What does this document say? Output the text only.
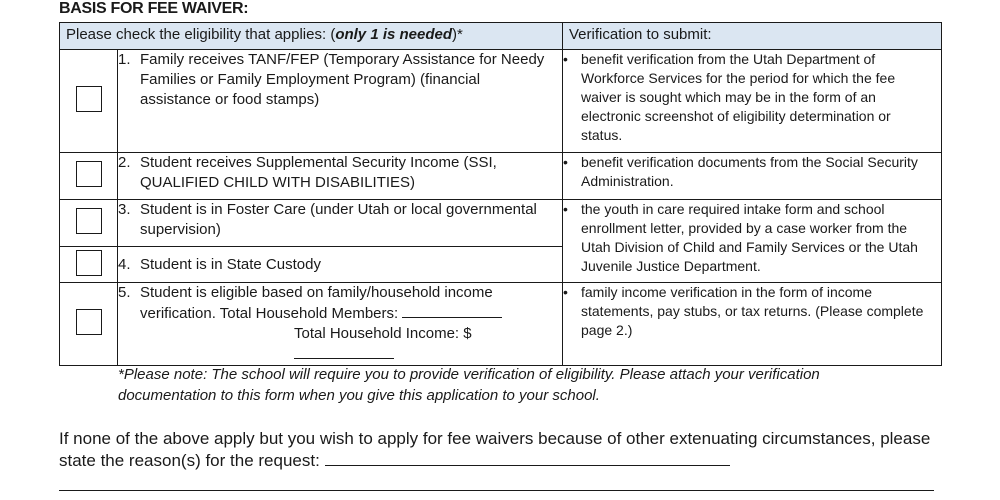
BASIS FOR FEE WAIVER:
Please check the eligibility that applies: (only 1 is needed)*		Verification to submit:
	1. Family receives TANF/FEP (Temporary Assistance for Needy Families or Family Employment Program) (financial assistance or food stamps)	• benefit verification from the Utah Department of Workforce Services for the period for which the fee waiver is sought which may be in the form of an electronic screenshot of eligibility determination or status.
	2. Student receives Supplemental Security Income (SSI, QUALIFIED CHILD WITH DISABILITIES)	• benefit verification documents from the Social Security Administration.
	3. Student is in Foster Care (under Utah or local governmental supervision)	• the youth in care required intake form and school enrollment letter, provided by a case worker from the Utah Division of Child and Family Services or the Utah Juvenile Justice Department.
	4. Student is in State Custody	
	5. Student is eligible based on family/household income verification. Total Household Members:
Total Household Income: $	• family income verification in the form of income statements, pay stubs, or tax returns. (Please complete page 2.)
*Please note: The school will require you to provide verification of eligibility. Please attach your verification documentation to this form when you give this application to your school.
If none of the above apply but you wish to apply for fee waivers because of other extenuating circumstances, please state the reason(s) for the request:
